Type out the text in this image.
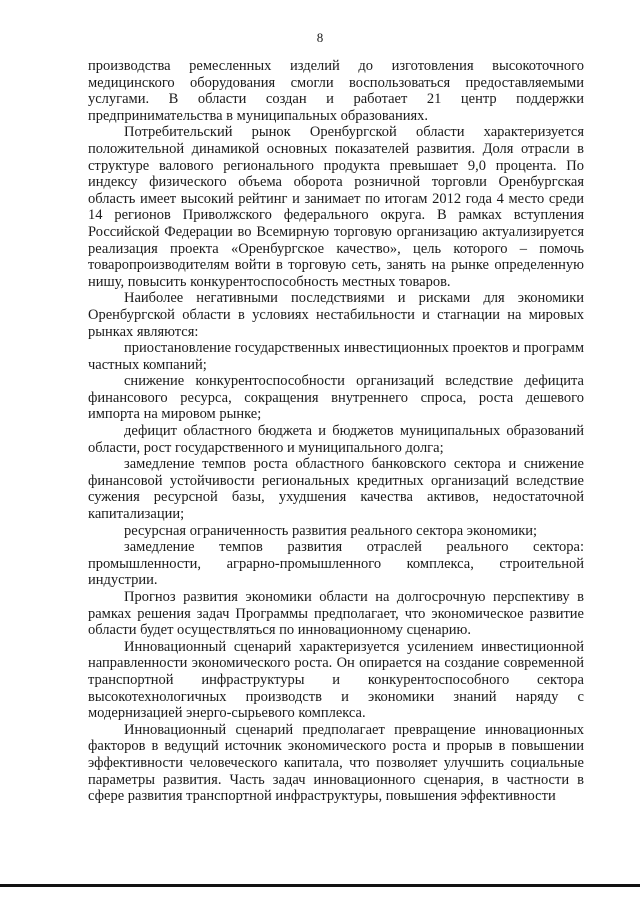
8

производства ремесленных изделий до изготовления высокоточного медицинского оборудования смогли воспользоваться предоставляемыми услугами. В области создан и работает 21 центр поддержки предпринимательства в муниципальных образованиях.

Потребительский рынок Оренбургской области характеризуется положительной динамикой основных показателей развития. Доля отрасли в структуре валового регионального продукта превышает 9,0 процента. По индексу физического объема оборота розничной торговли Оренбургская область имеет высокий рейтинг и занимает по итогам 2012 года 4 место среди 14 регионов Приволжского федерального округа. В рамках вступления Российской Федерации во Всемирную торговую организацию актуализируется реализация проекта «Оренбургское качество», цель которого – помочь товаропроизводителям войти в торговую сеть, занять на рынке определенную нишу, повысить конкурентоспособность местных товаров.

Наиболее негативными последствиями и рисками для экономики Оренбургской области в условиях нестабильности и стагнации на мировых рынках являются:

приостановление государственных инвестиционных проектов и программ частных компаний;

снижение конкурентоспособности организаций вследствие дефицита финансового ресурса, сокращения внутреннего спроса, роста дешевого импорта на мировом рынке;

дефицит областного бюджета и бюджетов муниципальных образований области, рост государственного и муниципального долга;

замедление темпов роста областного банковского сектора и снижение финансовой устойчивости региональных кредитных организаций вследствие сужения ресурсной базы, ухудшения качества активов, недостаточной капитализации;

ресурсная ограниченность развития реального сектора экономики;

замедление темпов развития отраслей реального сектора: промышленности, аграрно-промышленного комплекса, строительной индустрии.

Прогноз развития экономики области на долгосрочную перспективу в рамках решения задач Программы предполагает, что экономическое развитие области будет осуществляться по инновационному сценарию.

Инновационный сценарий характеризуется усилением инвестиционной направленности экономического роста. Он опирается на создание современной транспортной инфраструктуры и конкурентоспособного сектора высокотехнологичных производств и экономики знаний наряду с модернизацией энерго-сырьевого комплекса.

Инновационный сценарий предполагает превращение инновационных факторов в ведущий источник экономического роста и прорыв в повышении эффективности человеческого капитала, что позволяет улучшить социальные параметры развития. Часть задач инновационного сценария, в частности в сфере развития транспортной инфраструктуры, повышения эффективности
